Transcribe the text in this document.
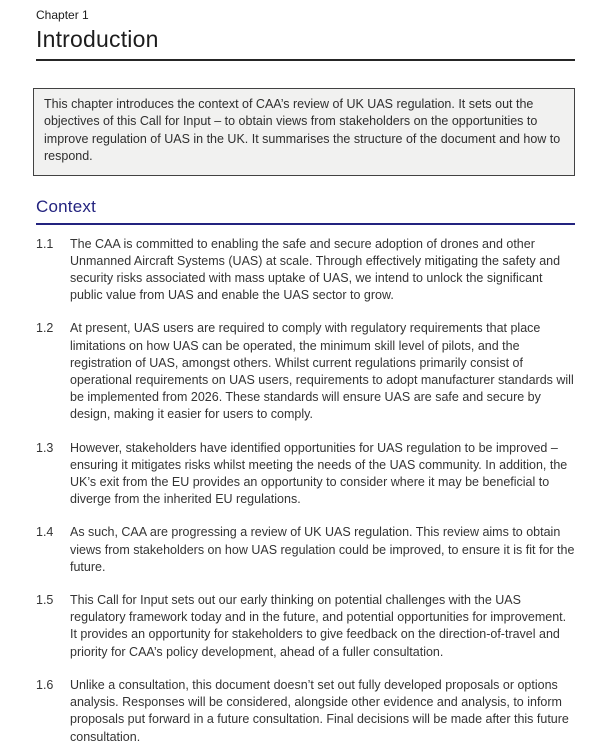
Chapter 1
Introduction
This chapter introduces the context of CAA’s review of UK UAS regulation. It sets out the objectives of this Call for Input – to obtain views from stakeholders on the opportunities to improve regulation of UAS in the UK. It summarises the structure of the document and how to respond.
Context
1.1	The CAA is committed to enabling the safe and secure adoption of drones and other Unmanned Aircraft Systems (UAS) at scale. Through effectively mitigating the safety and security risks associated with mass uptake of UAS, we intend to unlock the significant public value from UAS and enable the UAS sector to grow.
1.2	At present, UAS users are required to comply with regulatory requirements that place limitations on how UAS can be operated, the minimum skill level of pilots, and the registration of UAS, amongst others. Whilst current regulations primarily consist of operational requirements on UAS users, requirements to adopt manufacturer standards will be implemented from 2026. These standards will ensure UAS are safe and secure by design, making it easier for users to comply.
1.3	However, stakeholders have identified opportunities for UAS regulation to be improved – ensuring it mitigates risks whilst meeting the needs of the UAS community. In addition, the UK’s exit from the EU provides an opportunity to consider where it may be beneficial to diverge from the inherited EU regulations.
1.4	As such, CAA are progressing a review of UK UAS regulation. This review aims to obtain views from stakeholders on how UAS regulation could be improved, to ensure it is fit for the future.
1.5	This Call for Input sets out our early thinking on potential challenges with the UAS regulatory framework today and in the future, and potential opportunities for improvement. It provides an opportunity for stakeholders to give feedback on the direction-of-travel and priority for CAA’s policy development, ahead of a fuller consultation.
1.6	Unlike a consultation, this document doesn’t set out fully developed proposals or options analysis. Responses will be considered, alongside other evidence and analysis, to inform proposals put forward in a future consultation. Final decisions will be made after this future consultation.
